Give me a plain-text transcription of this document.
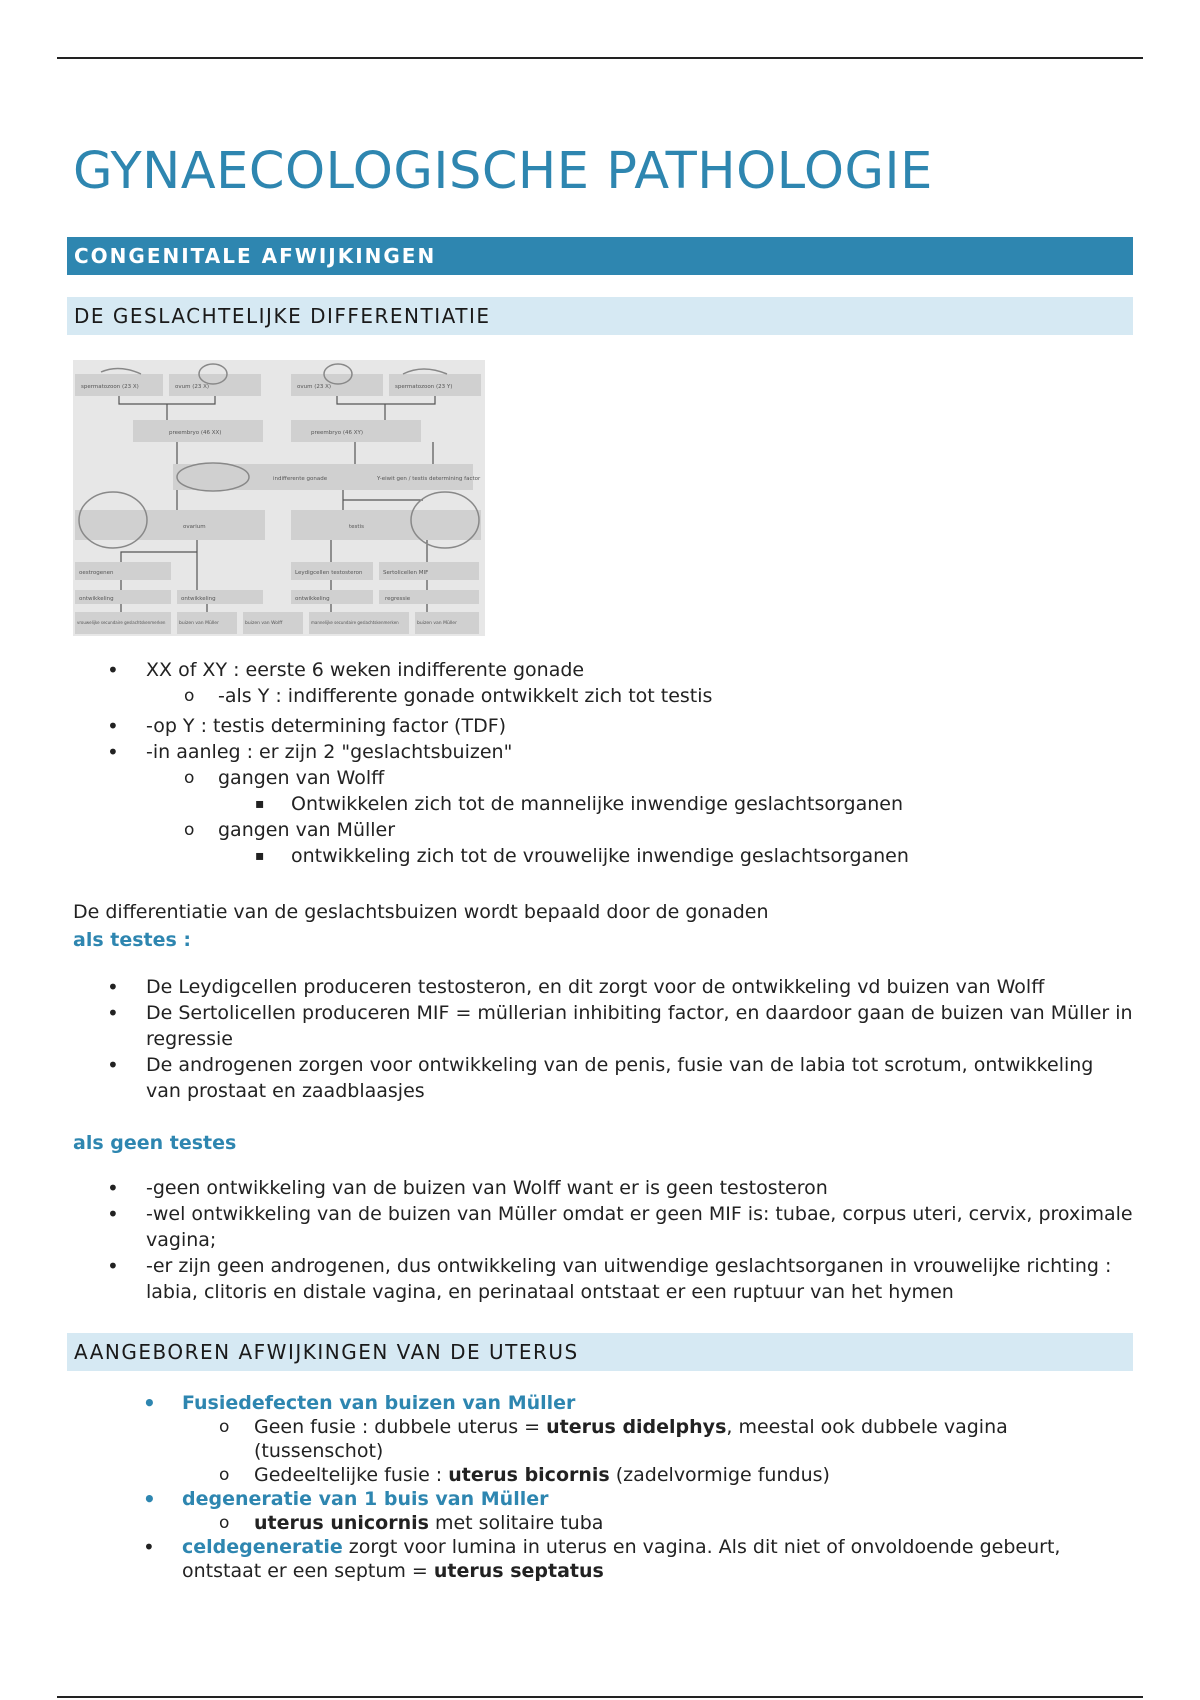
GYNAECOLOGISCHE PATHOLOGIE
CONGENITALE AFWIJKINGEN
DE GESLACHTELIJKE DIFFERENTIATIE
spermatozoon (23 X)	ovum (23 X)	ovum (23 X)	spermatozoon (23 Y)
preembryo (46 XX)	preembryo (46 XY)
indifferente gonade	Y-eiwit gen / testis determining factor
ovarium	testis
oestrogenen	Leydigcellen testosteron	Sertolicellen MIF
ontwikkeling	ontwikkeling	ontwikkeling	regressie
vrouwelijke secundaire geslachtskenmerken	buizen van Müller	buizen van Wolff	mannelijke secundaire geslachtskenmerken	buizen van Müller
• XX of XY : eerste 6 weken indifferente gonade
o -als Y : indifferente gonade ontwikkelt zich tot testis
• -op Y : testis determining factor (TDF)
• -in aanleg : er zijn 2 "geslachtsbuizen"
o gangen van Wolff
▪ Ontwikkelen zich tot de mannelijke inwendige geslachtsorganen
o gangen van Müller
▪ ontwikkeling zich tot de vrouwelijke inwendige geslachtsorganen
De differentiatie van de geslachtsbuizen wordt bepaald door de gonaden
als testes :
• De Leydigcellen produceren testosteron, en dit zorgt voor de ontwikkeling vd buizen van Wolff
• De Sertolicellen produceren MIF = müllerian inhibiting factor, en daardoor gaan de buizen van Müller in regressie
• De androgenen zorgen voor ontwikkeling van de penis, fusie van de labia tot scrotum, ontwikkeling van prostaat en zaadblaasjes
als geen testes
• -geen ontwikkeling van de buizen van Wolff want er is geen testosteron
• -wel ontwikkeling van de buizen van Müller omdat er geen MIF is: tubae, corpus uteri, cervix, proximale vagina;
• -er zijn geen androgenen, dus ontwikkeling van uitwendige geslachtsorganen in vrouwelijke richting : labia, clitoris en distale vagina, en perinataal ontstaat er een ruptuur van het hymen
AANGEBOREN AFWIJKINGEN VAN DE UTERUS
• Fusiedefecten van buizen van Müller
o Geen fusie : dubbele uterus = uterus didelphys, meestal ook dubbele vagina (tussenschot)
o Gedeeltelijke fusie : uterus bicornis (zadelvormige fundus)
• degeneratie van 1 buis van Müller
o uterus unicornis met solitaire tuba
• celdegeneratie zorgt voor lumina in uterus en vagina. Als dit niet of onvoldoende gebeurt, ontstaat er een septum = uterus septatus
